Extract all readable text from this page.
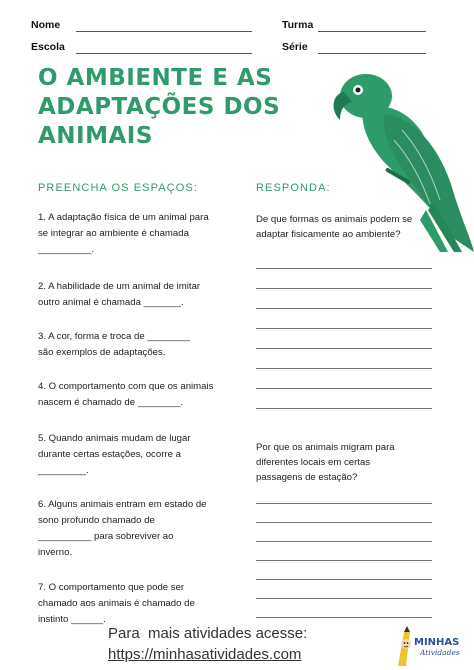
Nome
Escola
Turma
Série
O AMBIENTE E AS
ADAPTAÇÕES DOS
ANIMAIS
PREENCHA OS ESPAÇOS:	RESPONDA:
1. A adaptação física de um animal para
se integrar ao ambiente é chamada
__________.
2. A habilidade de um animal de imitar
outro animal é chamada _______.
3. A cor, forma e troca de ________
são exemplos de adaptações.
4. O comportamento com que os animais
nascem é chamado de ________.
5. Quando animais mudam de lugar
durante certas estações, ocorre a
_________.
6. Alguns animais entram em estado de
sono profundo chamado de
__________ para sobreviver ao
inverno.
7. O comportamento que pode ser
chamado aos animais é chamado de
instinto ______.
De que formas os animais podem se
adaptar fisicamente ao ambiente?
Por que os animais migram para
diferentes locais em certas
passagens de estação?
Para  mais atividades acesse:
https://minhasatividades.com
MINHAS
Atividades
